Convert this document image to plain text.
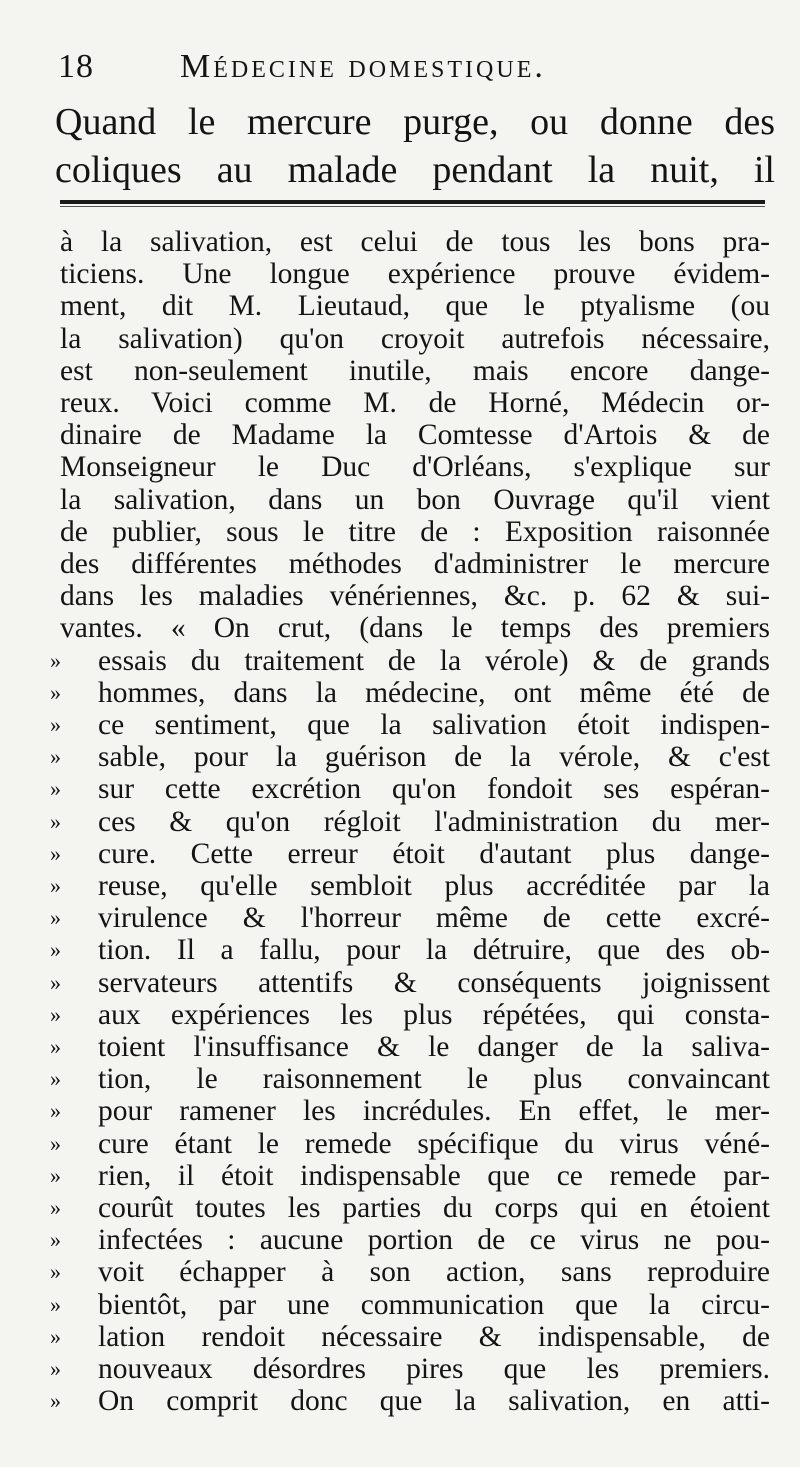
18	Médecine domestique.
Quand le mercure purge, ou donne des
coliques au malade pendant la nuit, il
à la salivation, est celui de tous les bons pra-
ticiens. Une longue expérience prouve évidem-
ment, dit M. Lieutaud, que le ptyalisme (ou
la salivation) qu'on croyoit autrefois nécessaire,
est non-seulement inutile, mais encore dange-
reux. Voici comme M. de Horné, Médecin or-
dinaire de Madame la Comtesse d'Artois & de
Monseigneur le Duc d'Orléans, s'explique sur
la salivation, dans un bon Ouvrage qu'il vient
de publier, sous le titre de : Exposition raisonnée
des différentes méthodes d'administrer le mercure
dans les maladies vénériennes, &c. p. 62 & sui-
vantes. « On crut, (dans le temps des premiers
»	essais du traitement de la vérole) & de grands
»	hommes, dans la médecine, ont même été de
»	ce sentiment, que la salivation étoit indispen-
»	sable, pour la guérison de la vérole, & c'est
»	sur cette excrétion qu'on fondoit ses espéran-
»	ces & qu'on régloit l'administration du mer-
»	cure. Cette erreur étoit d'autant plus dange-
»	reuse, qu'elle sembloit plus accréditée par la
»	virulence & l'horreur même de cette excré-
»	tion. Il a fallu, pour la détruire, que des ob-
»	servateurs attentifs & conséquents joignissent
»	aux expériences les plus répétées, qui consta-
»	toient l'insuffisance & le danger de la saliva-
»	tion, le raisonnement le plus convaincant
»	pour ramener les incrédules. En effet, le mer-
»	cure étant le remede spécifique du virus véné-
»	rien, il étoit indispensable que ce remede par-
»	courût toutes les parties du corps qui en étoient
»	infectées : aucune portion de ce virus ne pou-
»	voit échapper à son action, sans reproduire
»	bientôt, par une communication que la circu-
»	lation rendoit nécessaire & indispensable, de
»	nouveaux désordres pires que les premiers.
»	On comprit donc que la salivation, en atti-
